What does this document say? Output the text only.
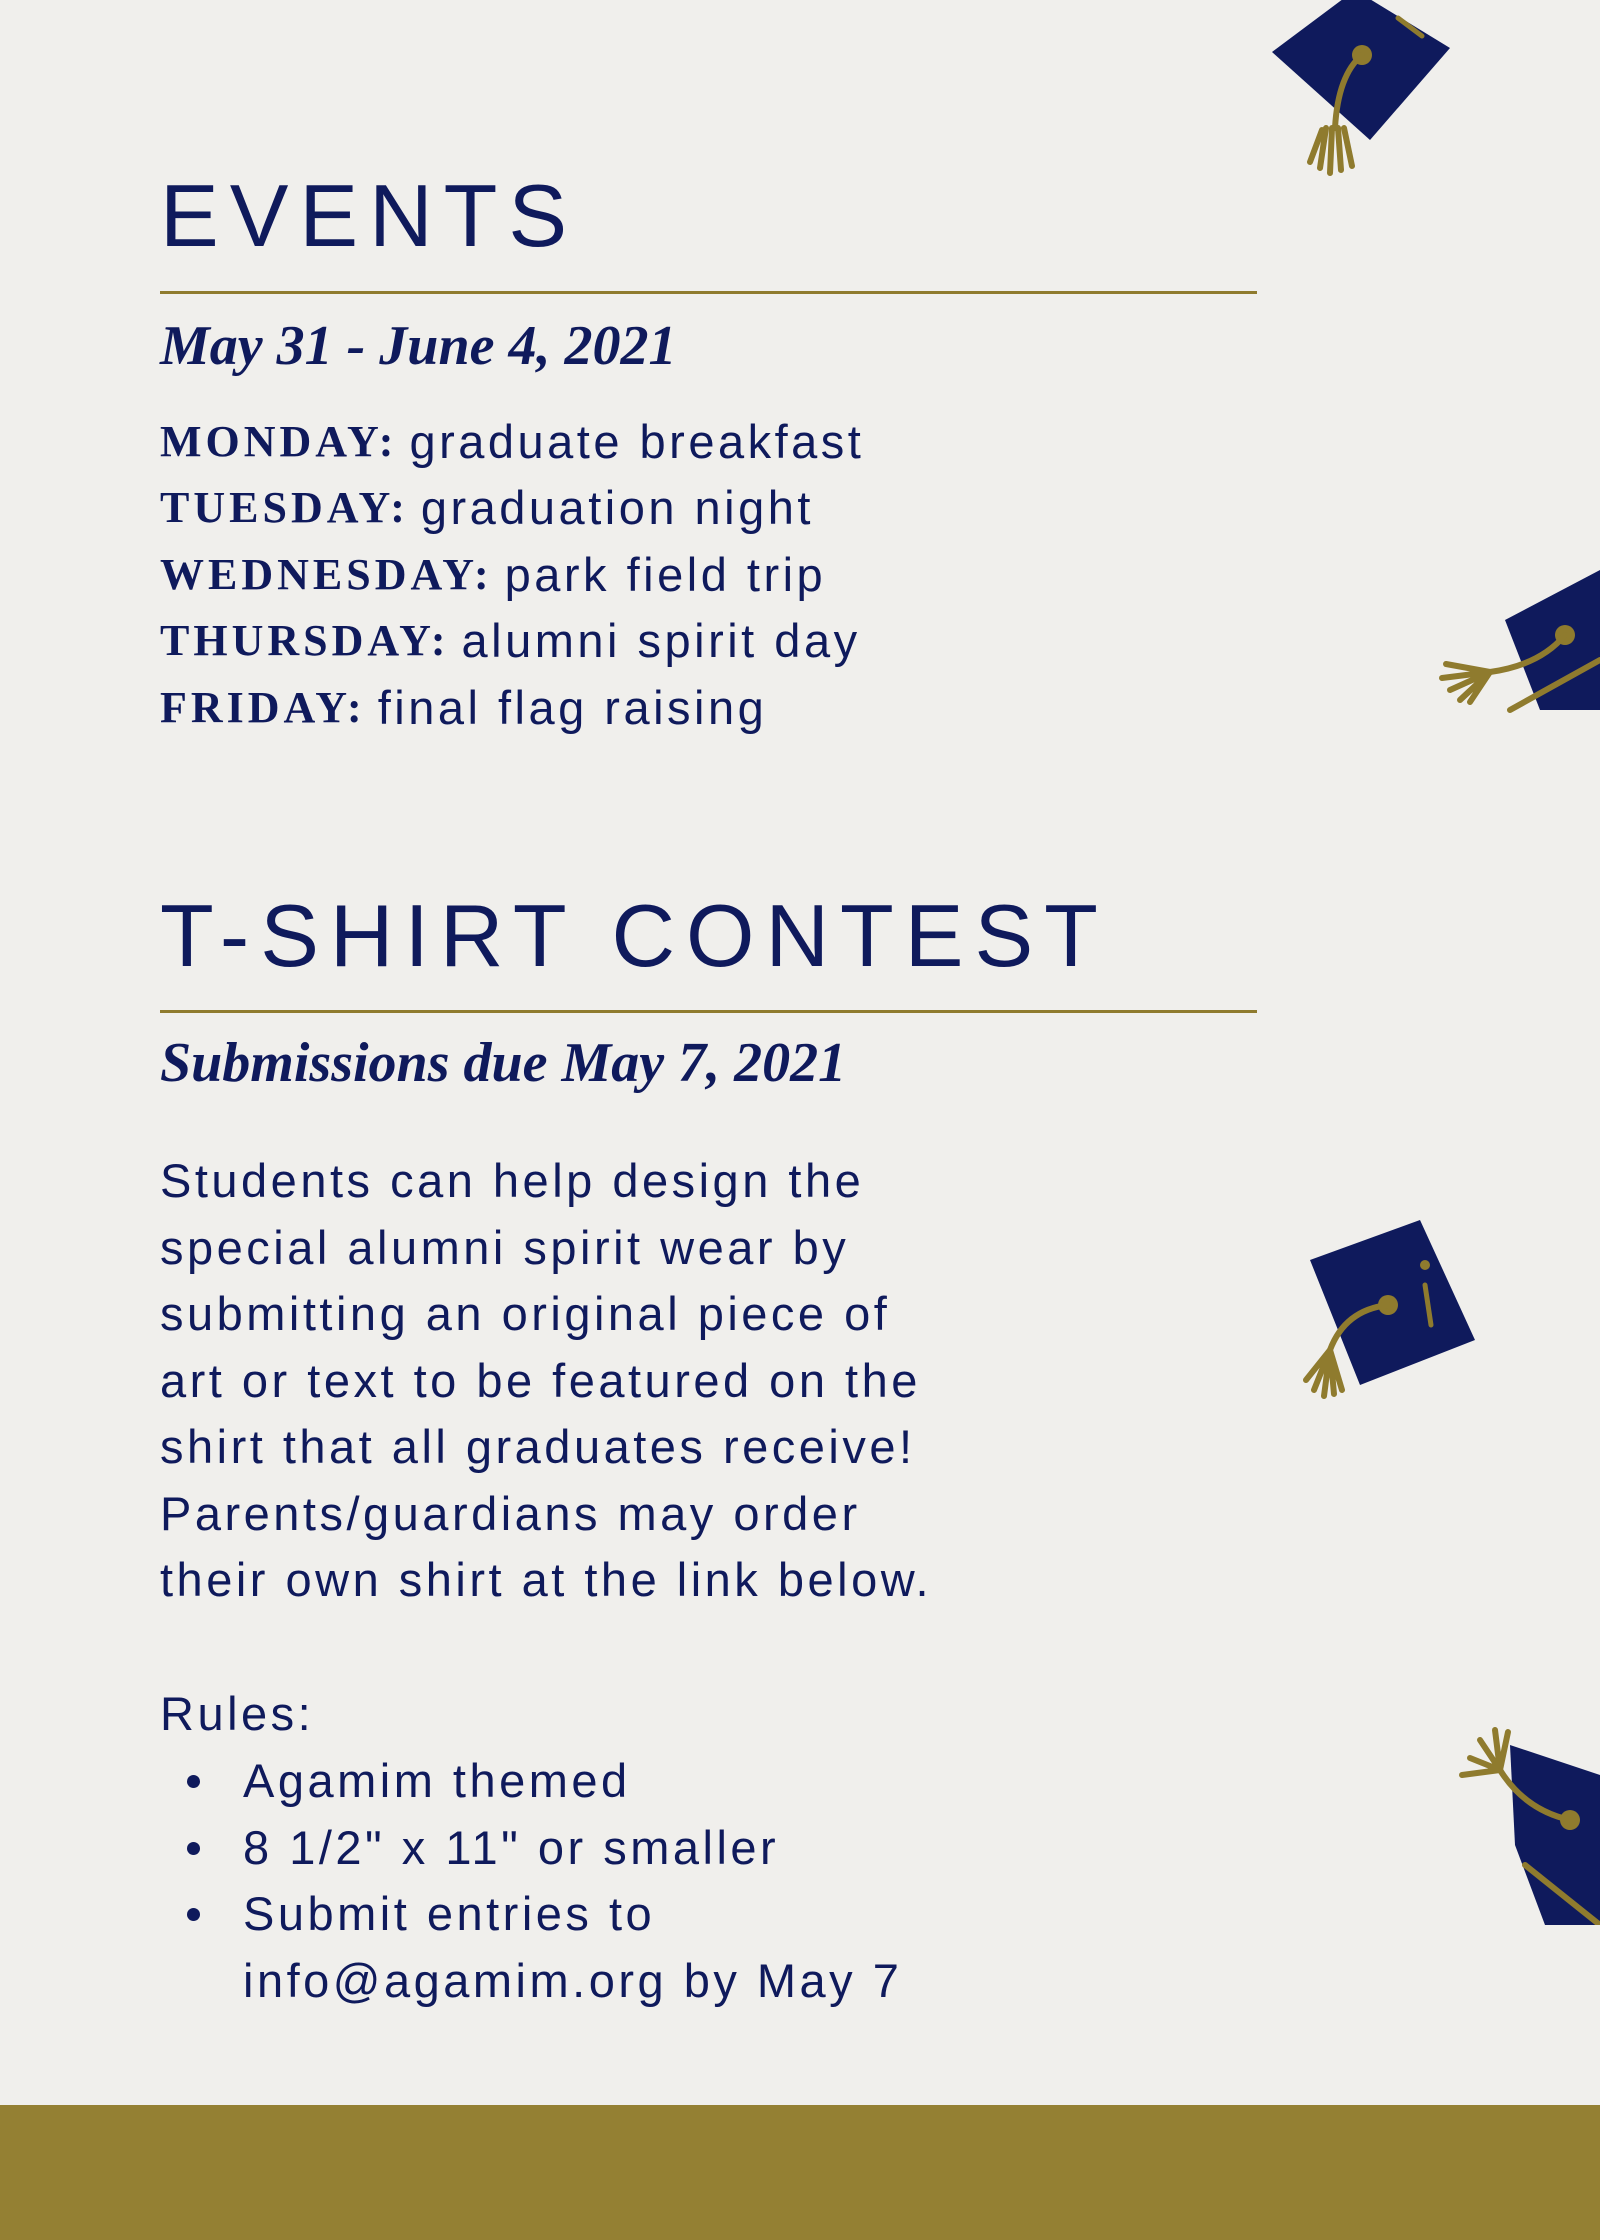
EVENTS
May 31 - June 4, 2021
MONDAY: graduate breakfast
TUESDAY: graduation night
WEDNESDAY: park field trip
THURSDAY: alumni spirit day
FRIDAY: final flag raising
T-SHIRT CONTEST
Submissions due May 7, 2021
Students can help design the
special alumni spirit wear by
submitting an original piece of
art or text to be featured on the
shirt that all graduates receive!
Parents/guardians may order
their own shirt at the link below.
Rules:
Agamim themed
8 1/2" x 11" or smaller
Submit entries to
info@agamim.org by May 7
